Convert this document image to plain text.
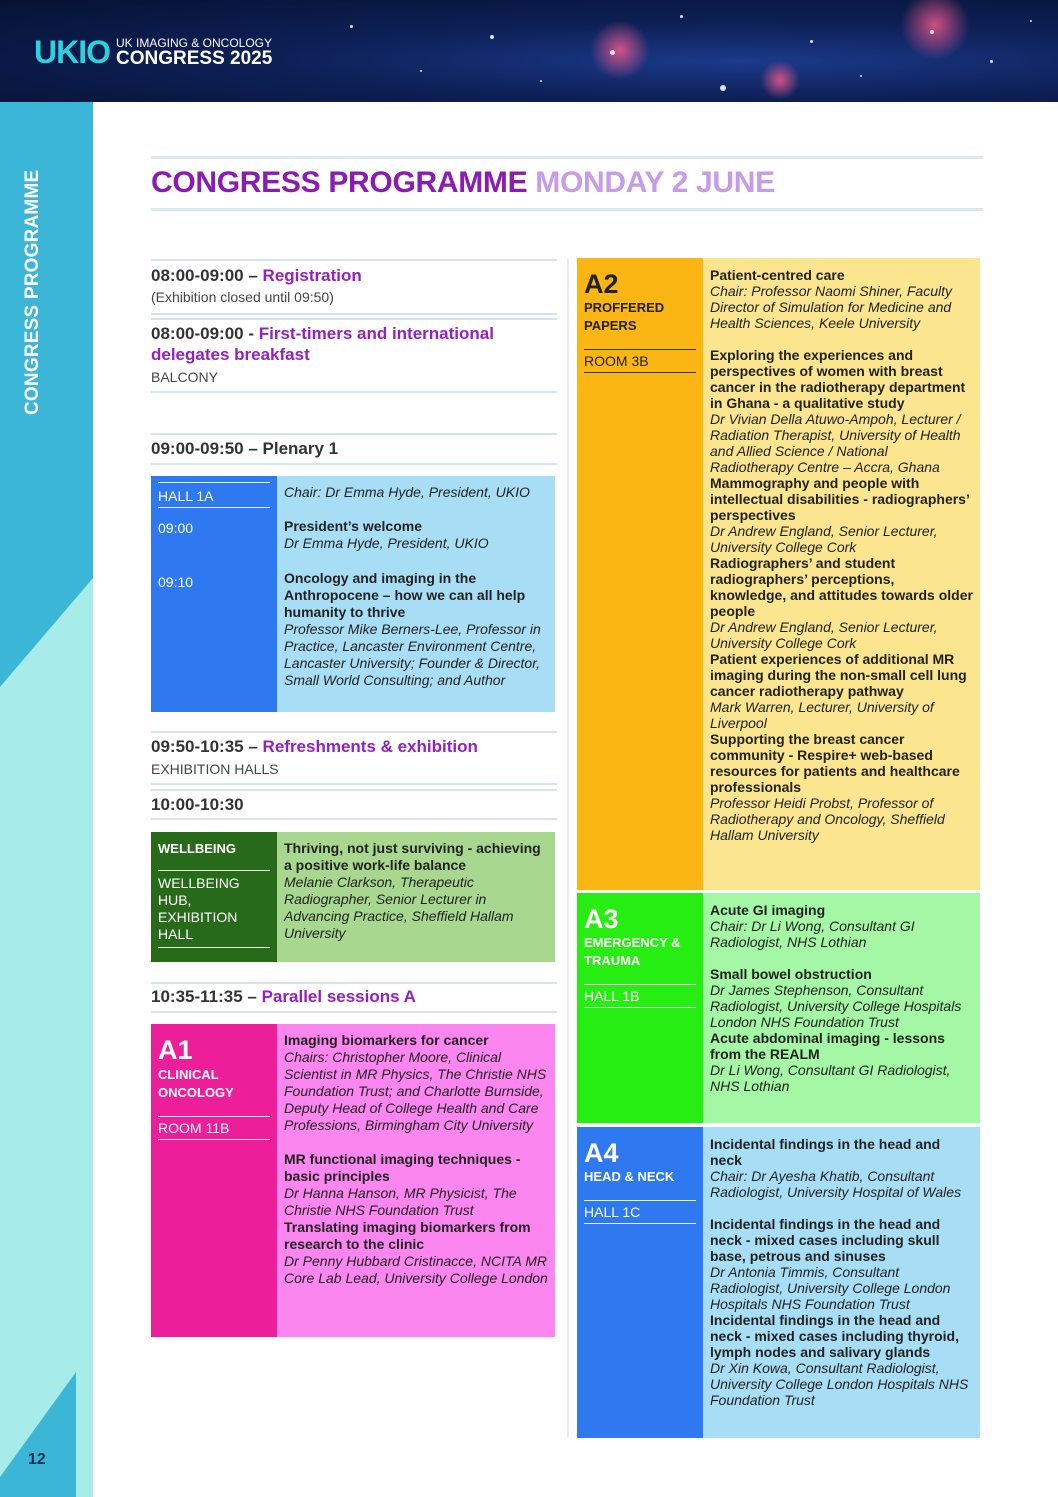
UKIO UK IMAGING & ONCOLOGY
CONGRESS 2025
CONGRESS PROGRAMME
12
CONGRESS PROGRAMME MONDAY 2 JUNE
08:00-09:00 – Registration
(Exhibition closed until 09:50)
08:00-09:00 - First-timers and international delegates breakfast
BALCONY
09:00-09:50 – Plenary 1
HALL 1A
09:00
09:10
Chair: Dr Emma Hyde, President, UKIO
President’s welcome
Dr Emma Hyde, President, UKIO
Oncology and imaging in the Anthropocene – how we can all help humanity to thrive
Professor Mike Berners-Lee, Professor in Practice, Lancaster Environment Centre, Lancaster University; Founder & Director, Small World Consulting; and Author
09:50-10:35 – Refreshments & exhibition
EXHIBITION HALLS
10:00-10:30
WELLBEING
WELLBEING HUB, EXHIBITION HALL
Thriving, not just surviving - achieving a positive work-life balance
Melanie Clarkson, Therapeutic Radiographer, Senior Lecturer in Advancing Practice, Sheffield Hallam University
10:35-11:35 – Parallel sessions A
A1
CLINICAL ONCOLOGY
ROOM 11B
Imaging biomarkers for cancer
Chairs: Christopher Moore, Clinical Scientist in MR Physics, The Christie NHS Foundation Trust; and Charlotte Burnside, Deputy Head of College Health and Care Professions, Birmingham City University
MR functional imaging techniques - basic principles
Dr Hanna Hanson, MR Physicist, The Christie NHS Foundation Trust
Translating imaging biomarkers from research to the clinic
Dr Penny Hubbard Cristinacce, NCITA MR Core Lab Lead, University College London
A2
PROFFERED PAPERS
ROOM 3B
Patient-centred care
Chair: Professor Naomi Shiner, Faculty Director of Simulation for Medicine and Health Sciences, Keele University
Exploring the experiences and perspectives of women with breast cancer in the radiotherapy department in Ghana - a qualitative study
Dr Vivian Della Atuwo-Ampoh, Lecturer / Radiation Therapist, University of Health and Allied Science / National Radiotherapy Centre – Accra, Ghana
Mammography and people with intellectual disabilities - radiographers’ perspectives
Dr Andrew England, Senior Lecturer, University College Cork
Radiographers’ and student radiographers’ perceptions, knowledge, and attitudes towards older people
Dr Andrew England, Senior Lecturer, University College Cork
Patient experiences of additional MR imaging during the non-small cell lung cancer radiotherapy pathway
Mark Warren, Lecturer, University of Liverpool
Supporting the breast cancer community - Respire+ web-based resources for patients and healthcare professionals
Professor Heidi Probst, Professor of Radiotherapy and Oncology, Sheffield Hallam University
A3
EMERGENCY & TRAUMA
HALL 1B
Acute GI imaging
Chair: Dr Li Wong, Consultant GI Radiologist, NHS Lothian
Small bowel obstruction
Dr James Stephenson, Consultant Radiologist, University College Hospitals London NHS Foundation Trust
Acute abdominal imaging - lessons from the REALM
Dr Li Wong, Consultant GI Radiologist, NHS Lothian
A4
HEAD & NECK
HALL 1C
Incidental findings in the head and neck
Chair: Dr Ayesha Khatib, Consultant Radiologist, University Hospital of Wales
Incidental findings in the head and neck - mixed cases including skull base, petrous and sinuses
Dr Antonia Timmis, Consultant Radiologist, University College London Hospitals NHS Foundation Trust
Incidental findings in the head and neck - mixed cases including thyroid, lymph nodes and salivary glands
Dr Xin Kowa, Consultant Radiologist, University College London Hospitals NHS Foundation Trust
